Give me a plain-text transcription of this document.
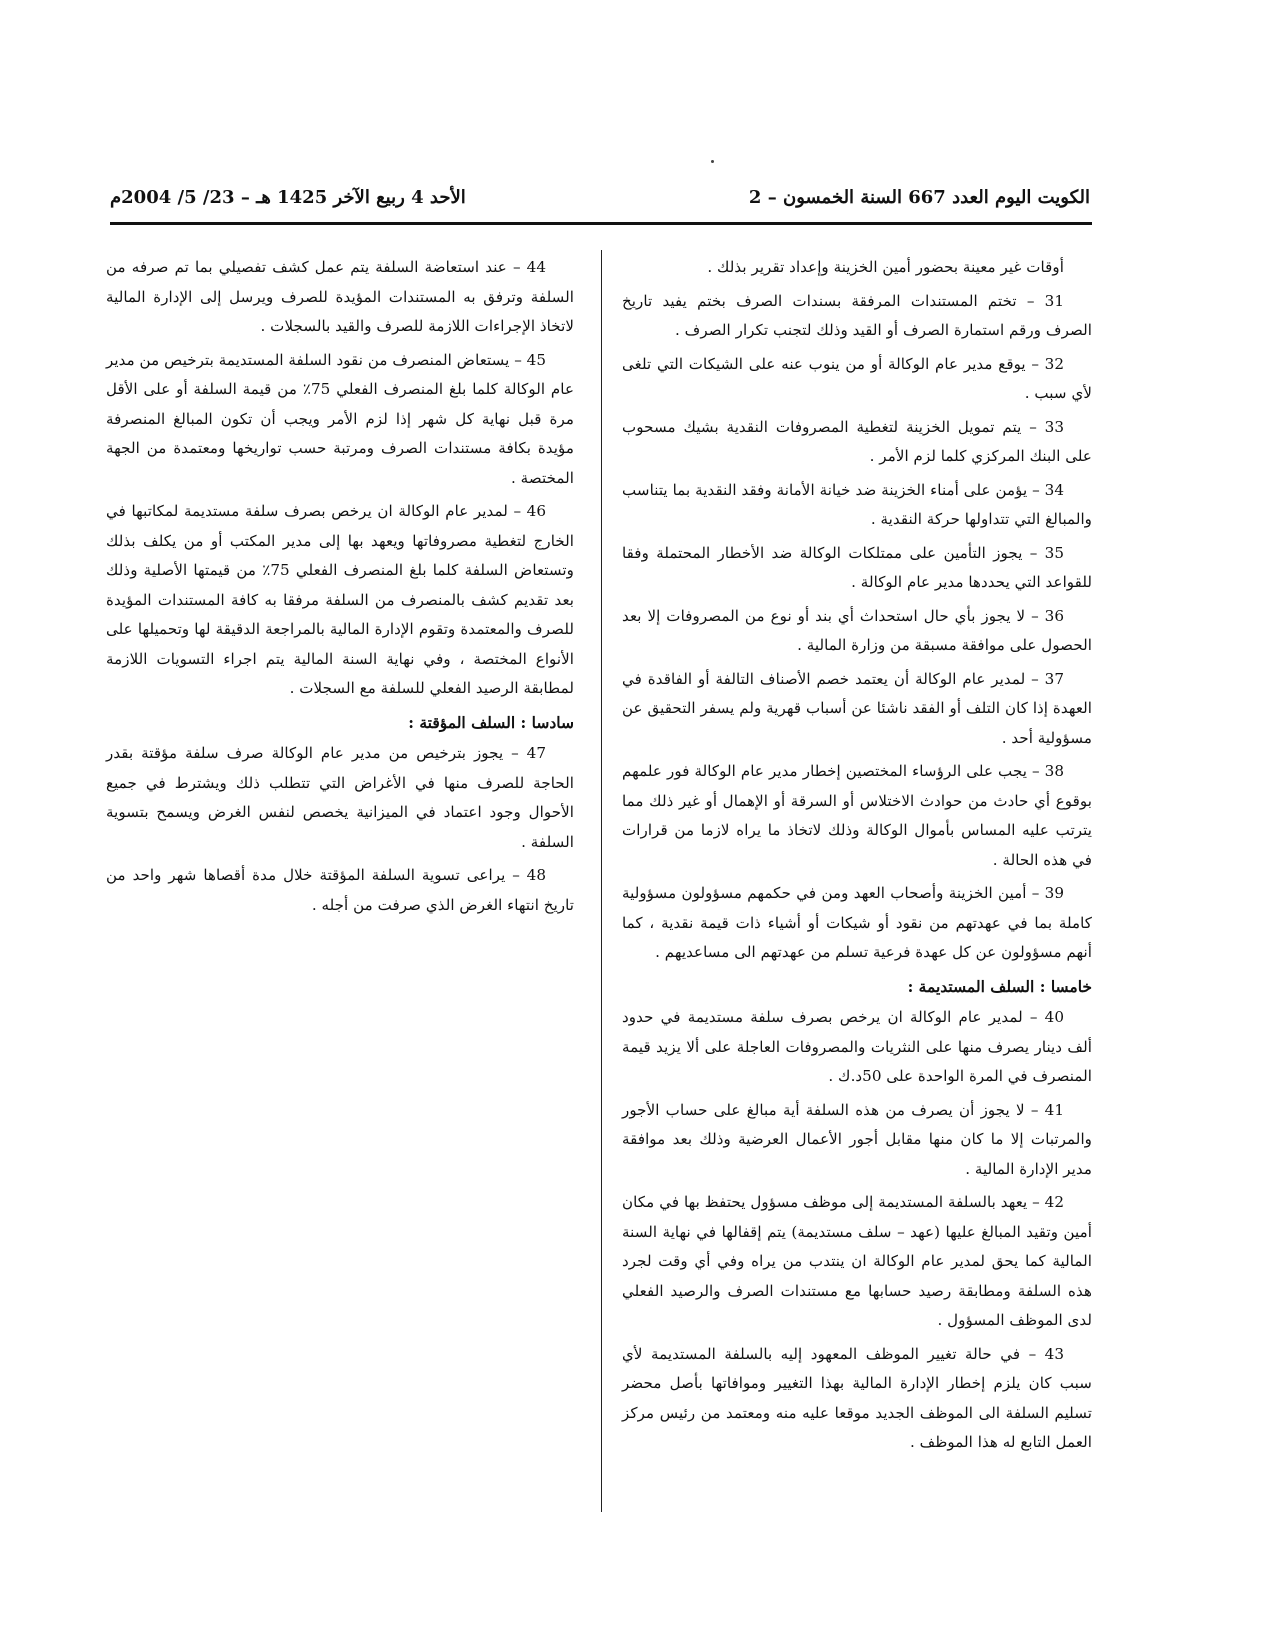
الكويت اليوم العدد 667 السنة الخمسون – 2
الأحد 4 ربيع الآخر 1425 هـ – 23/ 5/ 2004م

أوقات غير معينة بحضور أمين الخزينة وإعداد تقرير بذلك .

31 – تختم المستندات المرفقة بسندات الصرف بختم يفيد تاريخ الصرف ورقم استمارة الصرف أو القيد وذلك لتجنب تكرار الصرف .

32 – يوقع مدير عام الوكالة أو من ينوب عنه على الشيكات التي تلغى لأي سبب .

33 – يتم تمويل الخزينة لتغطية المصروفات النقدية بشيك مسحوب على البنك المركزي كلما لزم الأمر .

34 – يؤمن على أمناء الخزينة ضد خيانة الأمانة وفقد النقدية بما يتناسب والمبالغ التي تتداولها حركة النقدية .

35 – يجوز التأمين على ممتلكات الوكالة ضد الأخطار المحتملة وفقا للقواعد التي يحددها مدير عام الوكالة .

36 – لا يجوز بأي حال استحداث أي بند أو نوع من المصروفات إلا بعد الحصول على موافقة مسبقة من وزارة المالية .

37 – لمدير عام الوكالة أن يعتمد خصم الأصناف التالفة أو الفاقدة في العهدة إذا كان التلف أو الفقد ناشئا عن أسباب قهرية ولم يسفر التحقيق عن مسؤولية أحد .

38 – يجب على الرؤساء المختصين إخطار مدير عام الوكالة فور علمهم بوقوع أي حادث من حوادث الاختلاس أو السرقة أو الإهمال أو غير ذلك مما يترتب عليه المساس بأموال الوكالة وذلك لاتخاذ ما يراه لازما من قرارات في هذه الحالة .

39 – أمين الخزينة وأصحاب العهد ومن في حكمهم مسؤولون مسؤولية كاملة بما في عهدتهم من نقود أو شيكات أو أشياء ذات قيمة نقدية ، كما أنهم مسؤولون عن كل عهدة فرعية تسلم من عهدتهم الى مساعديهم .

خامسا : السلف المستديمة :

40 – لمدير عام الوكالة ان يرخص بصرف سلفة مستديمة في حدود ألف دينار يصرف منها على النثريات والمصروفات العاجلة على ألا يزيد قيمة المنصرف في المرة الواحدة على 50د.ك .

41 – لا يجوز أن يصرف من هذه السلفة أية مبالغ على حساب الأجور والمرتبات إلا ما كان منها مقابل أجور الأعمال العرضية وذلك بعد موافقة مدير الإدارة المالية .

42 – يعهد بالسلفة المستديمة إلى موظف مسؤول يحتفظ بها في مكان أمين وتقيد المبالغ عليها (عهد – سلف مستديمة) يتم إقفالها في نهاية السنة المالية كما يحق لمدير عام الوكالة ان ينتدب من يراه وفي أي وقت لجرد هذه السلفة ومطابقة رصيد حسابها مع مستندات الصرف والرصيد الفعلي لدى الموظف المسؤول .

43 – في حالة تغيير الموظف المعهود إليه بالسلفة المستديمة لأي سبب كان يلزم إخطار الإدارة المالية بهذا التغيير وموافاتها بأصل محضر تسليم السلفة الى الموظف الجديد موقعا عليه منه ومعتمد من رئيس مركز العمل التابع له هذا الموظف .

44 – عند استعاضة السلفة يتم عمل كشف تفصيلي بما تم صرفه من السلفة وترفق به المستندات المؤيدة للصرف ويرسل إلى الإدارة المالية لاتخاذ الإجراءات اللازمة للصرف والقيد بالسجلات .

45 – يستعاض المنصرف من نقود السلفة المستديمة بترخيص من مدير عام الوكالة كلما بلغ المنصرف الفعلي 75٪ من قيمة السلفة أو على الأقل مرة قبل نهاية كل شهر إذا لزم الأمر ويجب أن تكون المبالغ المنصرفة مؤيدة بكافة مستندات الصرف ومرتبة حسب تواريخها ومعتمدة من الجهة المختصة .

46 – لمدير عام الوكالة ان يرخص بصرف سلفة مستديمة لمكاتبها في الخارج لتغطية مصروفاتها ويعهد بها إلى مدير المكتب أو من يكلف بذلك وتستعاض السلفة كلما بلغ المنصرف الفعلي 75٪ من قيمتها الأصلية وذلك بعد تقديم كشف بالمنصرف من السلفة مرفقا به كافة المستندات المؤيدة للصرف والمعتمدة وتقوم الإدارة المالية بالمراجعة الدقيقة لها وتحميلها على الأنواع المختصة ، وفي نهاية السنة المالية يتم اجراء التسويات اللازمة لمطابقة الرصيد الفعلي للسلفة مع السجلات .

سادسا : السلف المؤقتة :

47 – يجوز بترخيص من مدير عام الوكالة صرف سلفة مؤقتة بقدر الحاجة للصرف منها في الأغراض التي تتطلب ذلك ويشترط في جميع الأحوال وجود اعتماد في الميزانية يخصص لنفس الغرض ويسمح بتسوية السلفة .

48 – يراعى تسوية السلفة المؤقتة خلال مدة أقصاها شهر واحد من تاريخ انتهاء الغرض الذي صرفت من أجله .
